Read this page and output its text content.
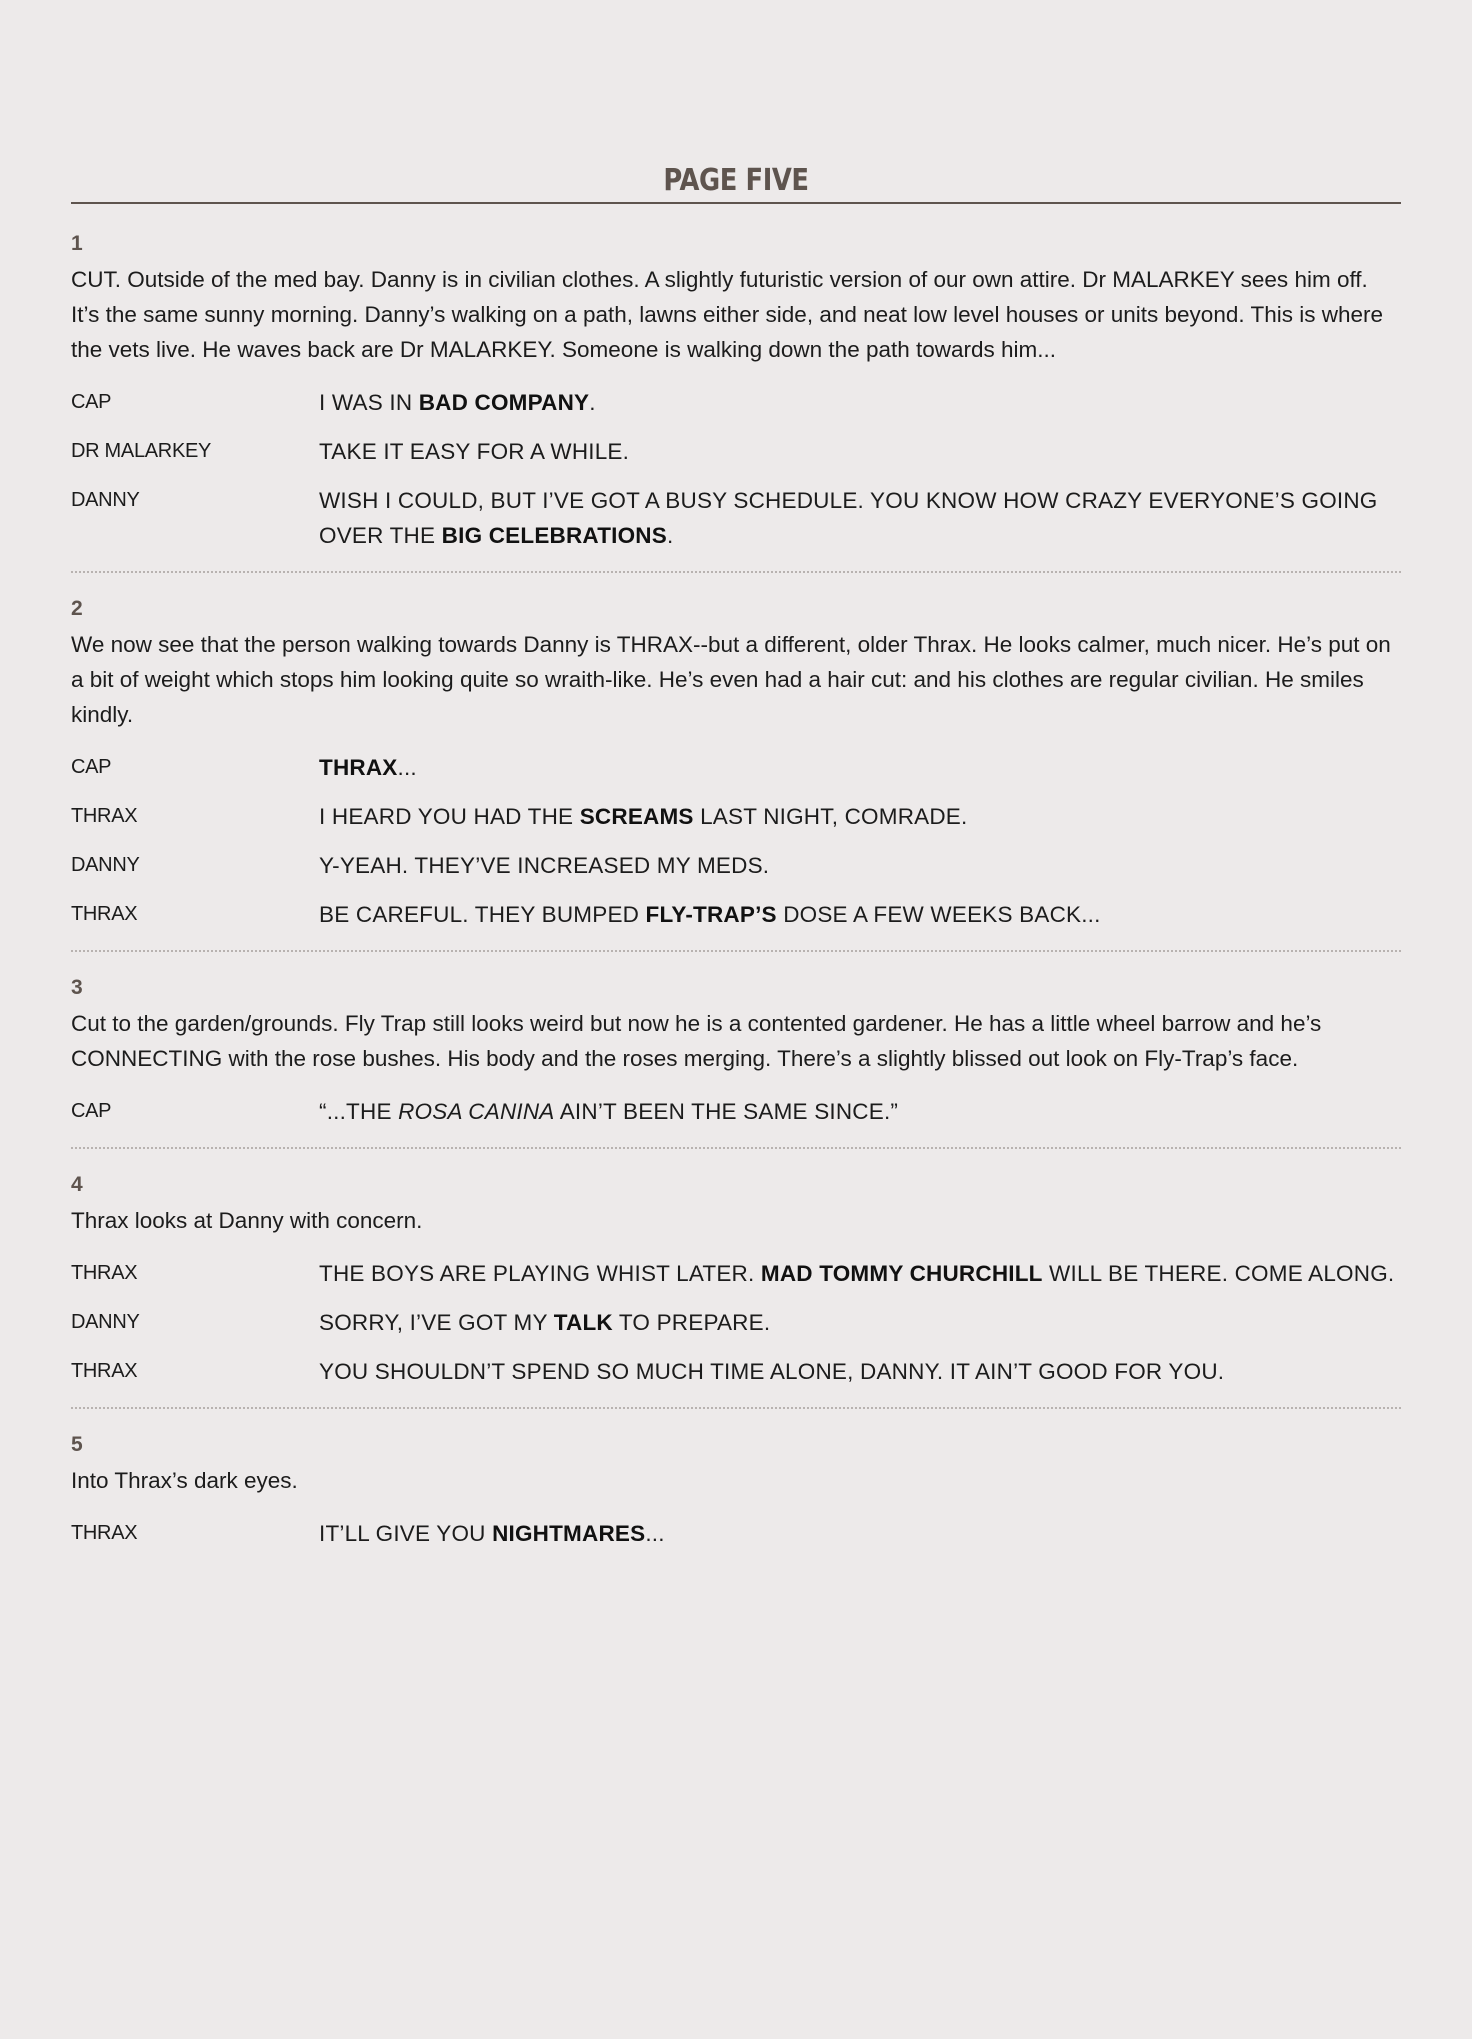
PAGE FIVE
1
CUT. Outside of the med bay. Danny is in civilian clothes. A slightly futuristic version of our own attire. Dr MALARKEY sees him off. It’s the same sunny morning. Danny’s walking on a path, lawns either side, and neat low level houses or units beyond. This is where the vets live. He waves back are Dr MALARKEY. Someone is walking down the path towards him...
CAP	I WAS IN BAD COMPANY.
DR MALARKEY	TAKE IT EASY FOR A WHILE.
DANNY	WISH I COULD, BUT I’VE GOT A BUSY SCHEDULE. YOU KNOW HOW CRAZY EVERYONE’S GOING OVER THE BIG CELEBRATIONS.
2
We now see that the person walking towards Danny is THRAX--but a different, older Thrax. He looks calmer, much nicer. He’s put on a bit of weight which stops him looking quite so wraith-like. He’s even had a hair cut: and his clothes are regular civilian. He smiles kindly.
CAP	THRAX...
THRAX	I HEARD YOU HAD THE SCREAMS LAST NIGHT, COMRADE.
DANNY	Y-YEAH. THEY’VE INCREASED MY MEDS.
THRAX	BE CAREFUL. THEY BUMPED FLY-TRAP’S DOSE A FEW WEEKS BACK...
3
Cut to the garden/grounds. Fly Trap still looks weird but now he is a contented gardener. He has a little wheel barrow and he’s CONNECTING with the rose bushes. His body and the roses merging. There’s a slightly blissed out look on Fly-Trap’s face.
CAP	“...THE ROSA CANINA AIN’T BEEN THE SAME SINCE.”
4
Thrax looks at Danny with concern.
THRAX	THE BOYS ARE PLAYING WHIST LATER. MAD TOMMY CHURCHILL WILL BE THERE. COME ALONG.
DANNY	SORRY, I’VE GOT MY TALK TO PREPARE.
THRAX	YOU SHOULDN’T SPEND SO MUCH TIME ALONE, DANNY. IT AIN’T GOOD FOR YOU.
5
Into Thrax’s dark eyes.
THRAX	IT’LL GIVE YOU NIGHTMARES...
